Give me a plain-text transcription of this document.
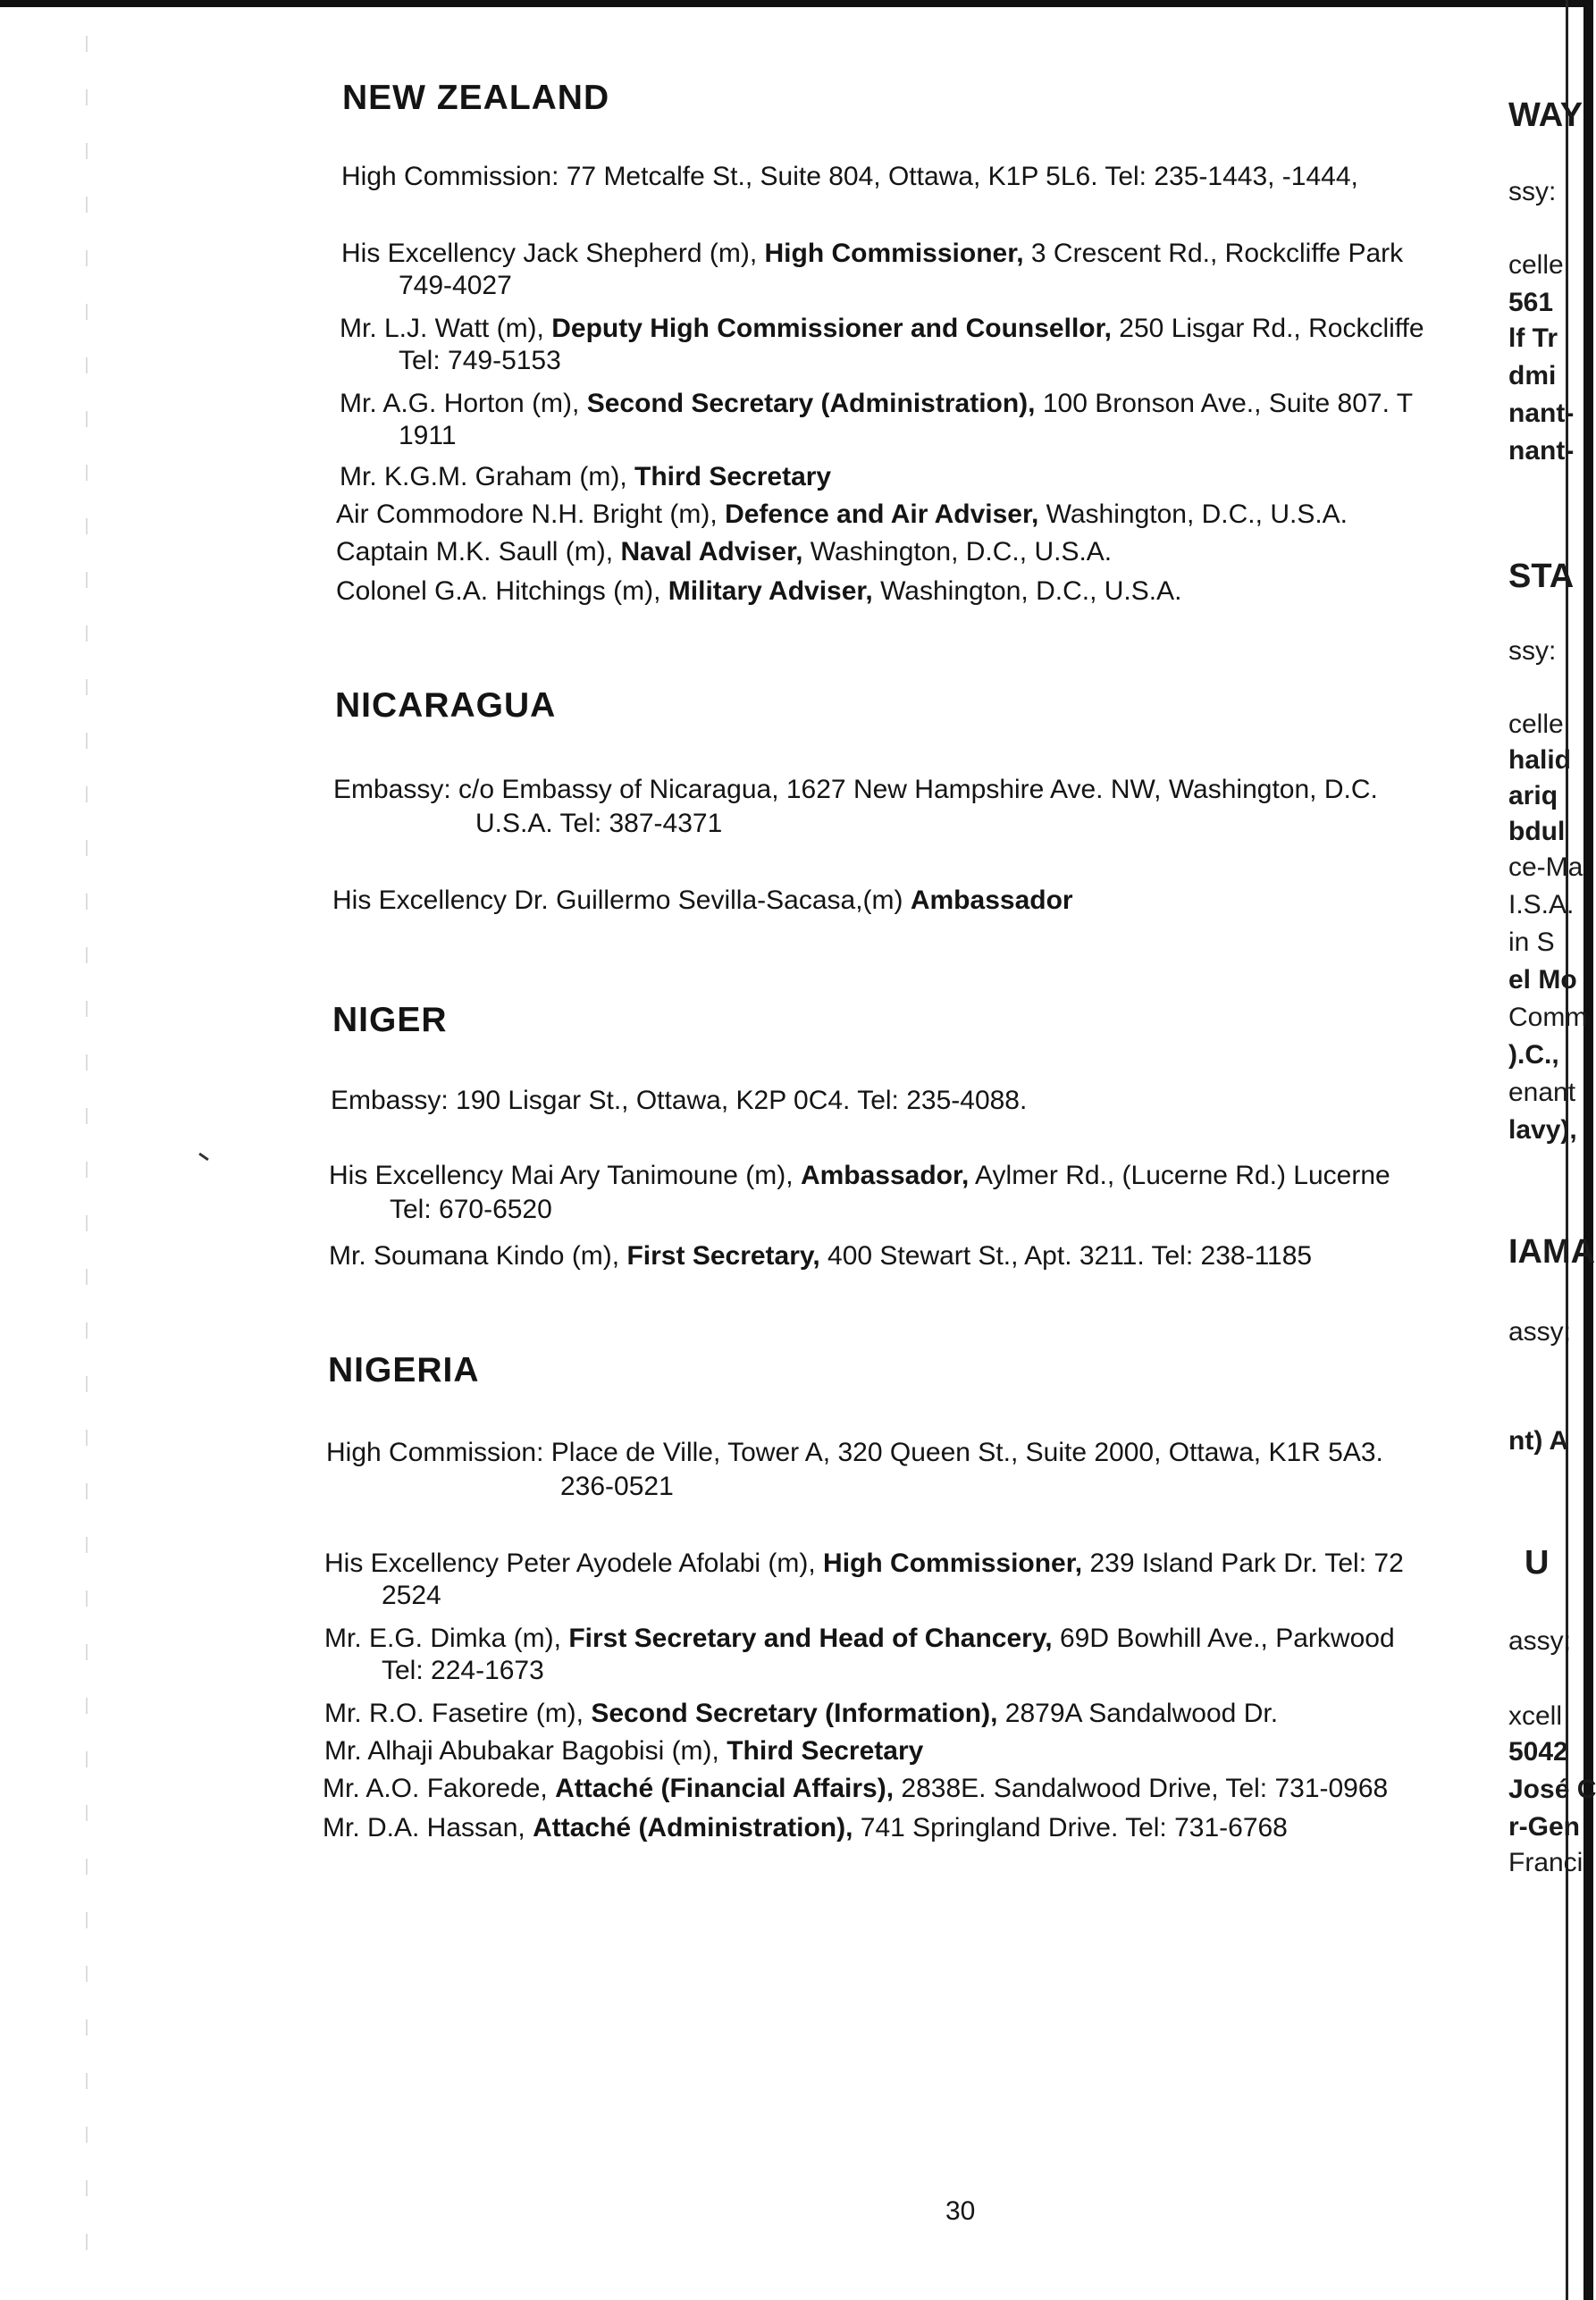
NEW ZEALAND
High Commission: 77 Metcalfe St., Suite 804, Ottawa, K1P 5L6. Tel: 235-1443, -1444,
His Excellency Jack Shepherd (m), High Commissioner, 3 Crescent Rd., Rockcliffe Park
749-4027
Mr. L.J. Watt (m), Deputy High Commissioner and Counsellor, 250 Lisgar Rd., Rockcliffe
Tel: 749-5153
Mr. A.G. Horton (m), Second Secretary (Administration), 100 Bronson Ave., Suite 807. T
1911
Mr. K.G.M. Graham (m), Third Secretary
Air Commodore N.H. Bright (m), Defence and Air Adviser, Washington, D.C., U.S.A.
Captain M.K. Saull (m), Naval Adviser, Washington, D.C., U.S.A.
Colonel G.A. Hitchings (m), Military Adviser, Washington, D.C., U.S.A.
NICARAGUA
Embassy: c/o Embassy of Nicaragua, 1627 New Hampshire Ave. NW, Washington, D.C.
U.S.A. Tel: 387-4371
His Excellency Dr. Guillermo Sevilla-Sacasa,(m) Ambassador
NIGER
Embassy: 190 Lisgar St., Ottawa, K2P 0C4. Tel: 235-4088.
His Excellency Mai Ary Tanimoune (m), Ambassador, Aylmer Rd., (Lucerne Rd.) Lucerne
Tel: 670-6520
Mr. Soumana Kindo (m), First Secretary, 400 Stewart St., Apt. 3211. Tel: 238-1185
NIGERIA
High Commission: Place de Ville, Tower A, 320 Queen St., Suite 2000, Ottawa, K1R 5A3.
236-0521
His Excellency Peter Ayodele Afolabi (m), High Commissioner, 239 Island Park Dr. Tel: 72
2524
Mr. E.G. Dimka (m), First Secretary and Head of Chancery, 69D Bowhill Ave., Parkwood
Tel: 224-1673
Mr. R.O. Fasetire (m), Second Secretary (Information), 2879A Sandalwood Dr.
Mr. Alhaji Abubakar Bagobisi (m), Third Secretary
Mr. A.O. Fakorede, Attaché (Financial Affairs), 2838E. Sandalwood Drive, Tel: 731-0968
Mr. D.A. Hassan, Attaché (Administration), 741 Springland Drive. Tel: 731-6768
WAY
ssy:
celle
561
lf Tr
dmi
nant-
nant-
STA
ssy:
celle
halid
ariq
bdul
ce-Ma
I.S.A.
in S
el Mo
Comm
).C.,
enant
lavy),
IAMA
assy;
nt) A
U
assy;
xcell
5042
José C
r-Gen
Franci
30
